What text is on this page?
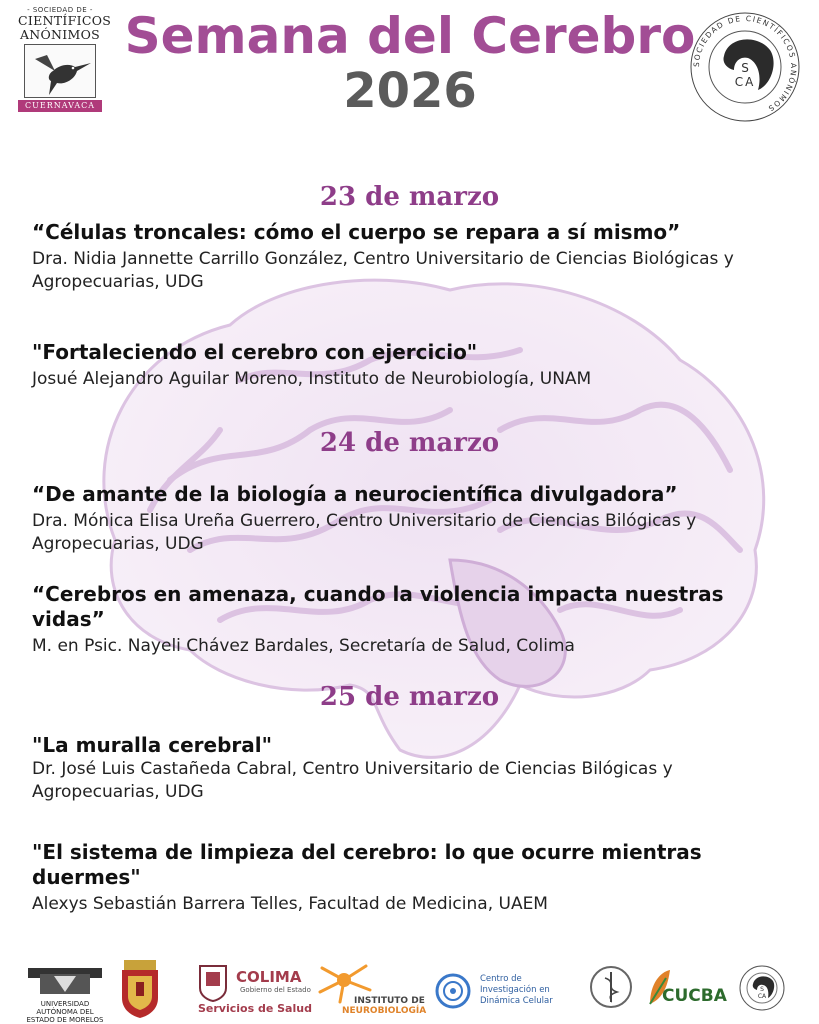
- SOCIEDAD DE -
CIENTÍFICOS
ANÓNIMOS
CUERNAVACA
Semana del Cerebro
2026	SOCIEDAD DE CIENTÍFICOS ANÓNIMOS
S
CA
23 de marzo
“Células troncales: cómo el cuerpo se repara a sí mismo”
Dra. Nidia Jannette Carrillo González, Centro Universitario de Ciencias Biológicas y Agropecuarias, UDG
"Fortaleciendo el cerebro con ejercicio"
Josué Alejandro Aguilar Moreno, Instituto de Neurobiología, UNAM
24 de marzo
“De amante de la biología a neurocientífica divulgadora”
Dra. Mónica Elisa Ureña Guerrero, Centro Universitario de Ciencias Bilógicas y Agropecuarias, UDG
“Cerebros en amenaza, cuando la violencia impacta nuestras vidas”
M. en Psic. Nayeli Chávez Bardales, Secretaría de Salud, Colima
25 de marzo
"La muralla cerebral"
Dr. José Luis Castañeda Cabral, Centro Universitario de Ciencias Bilógicas y Agropecuarias, UDG
"El sistema de limpieza del cerebro: lo que ocurre mientras duermes"
Alexys Sebastián Barrera Telles, Facultad de Medicina, UAEM
UNIVERSIDAD AUTÓNOMA DEL ESTADO DE MORELOS
COLIMA
Gobierno del Estado
Servicios de Salud
INSTITUTO DE
NEUROBIOLOGÍA
Centro de
Investigación en
Dinámica Celular	CUCBA	S
CA
